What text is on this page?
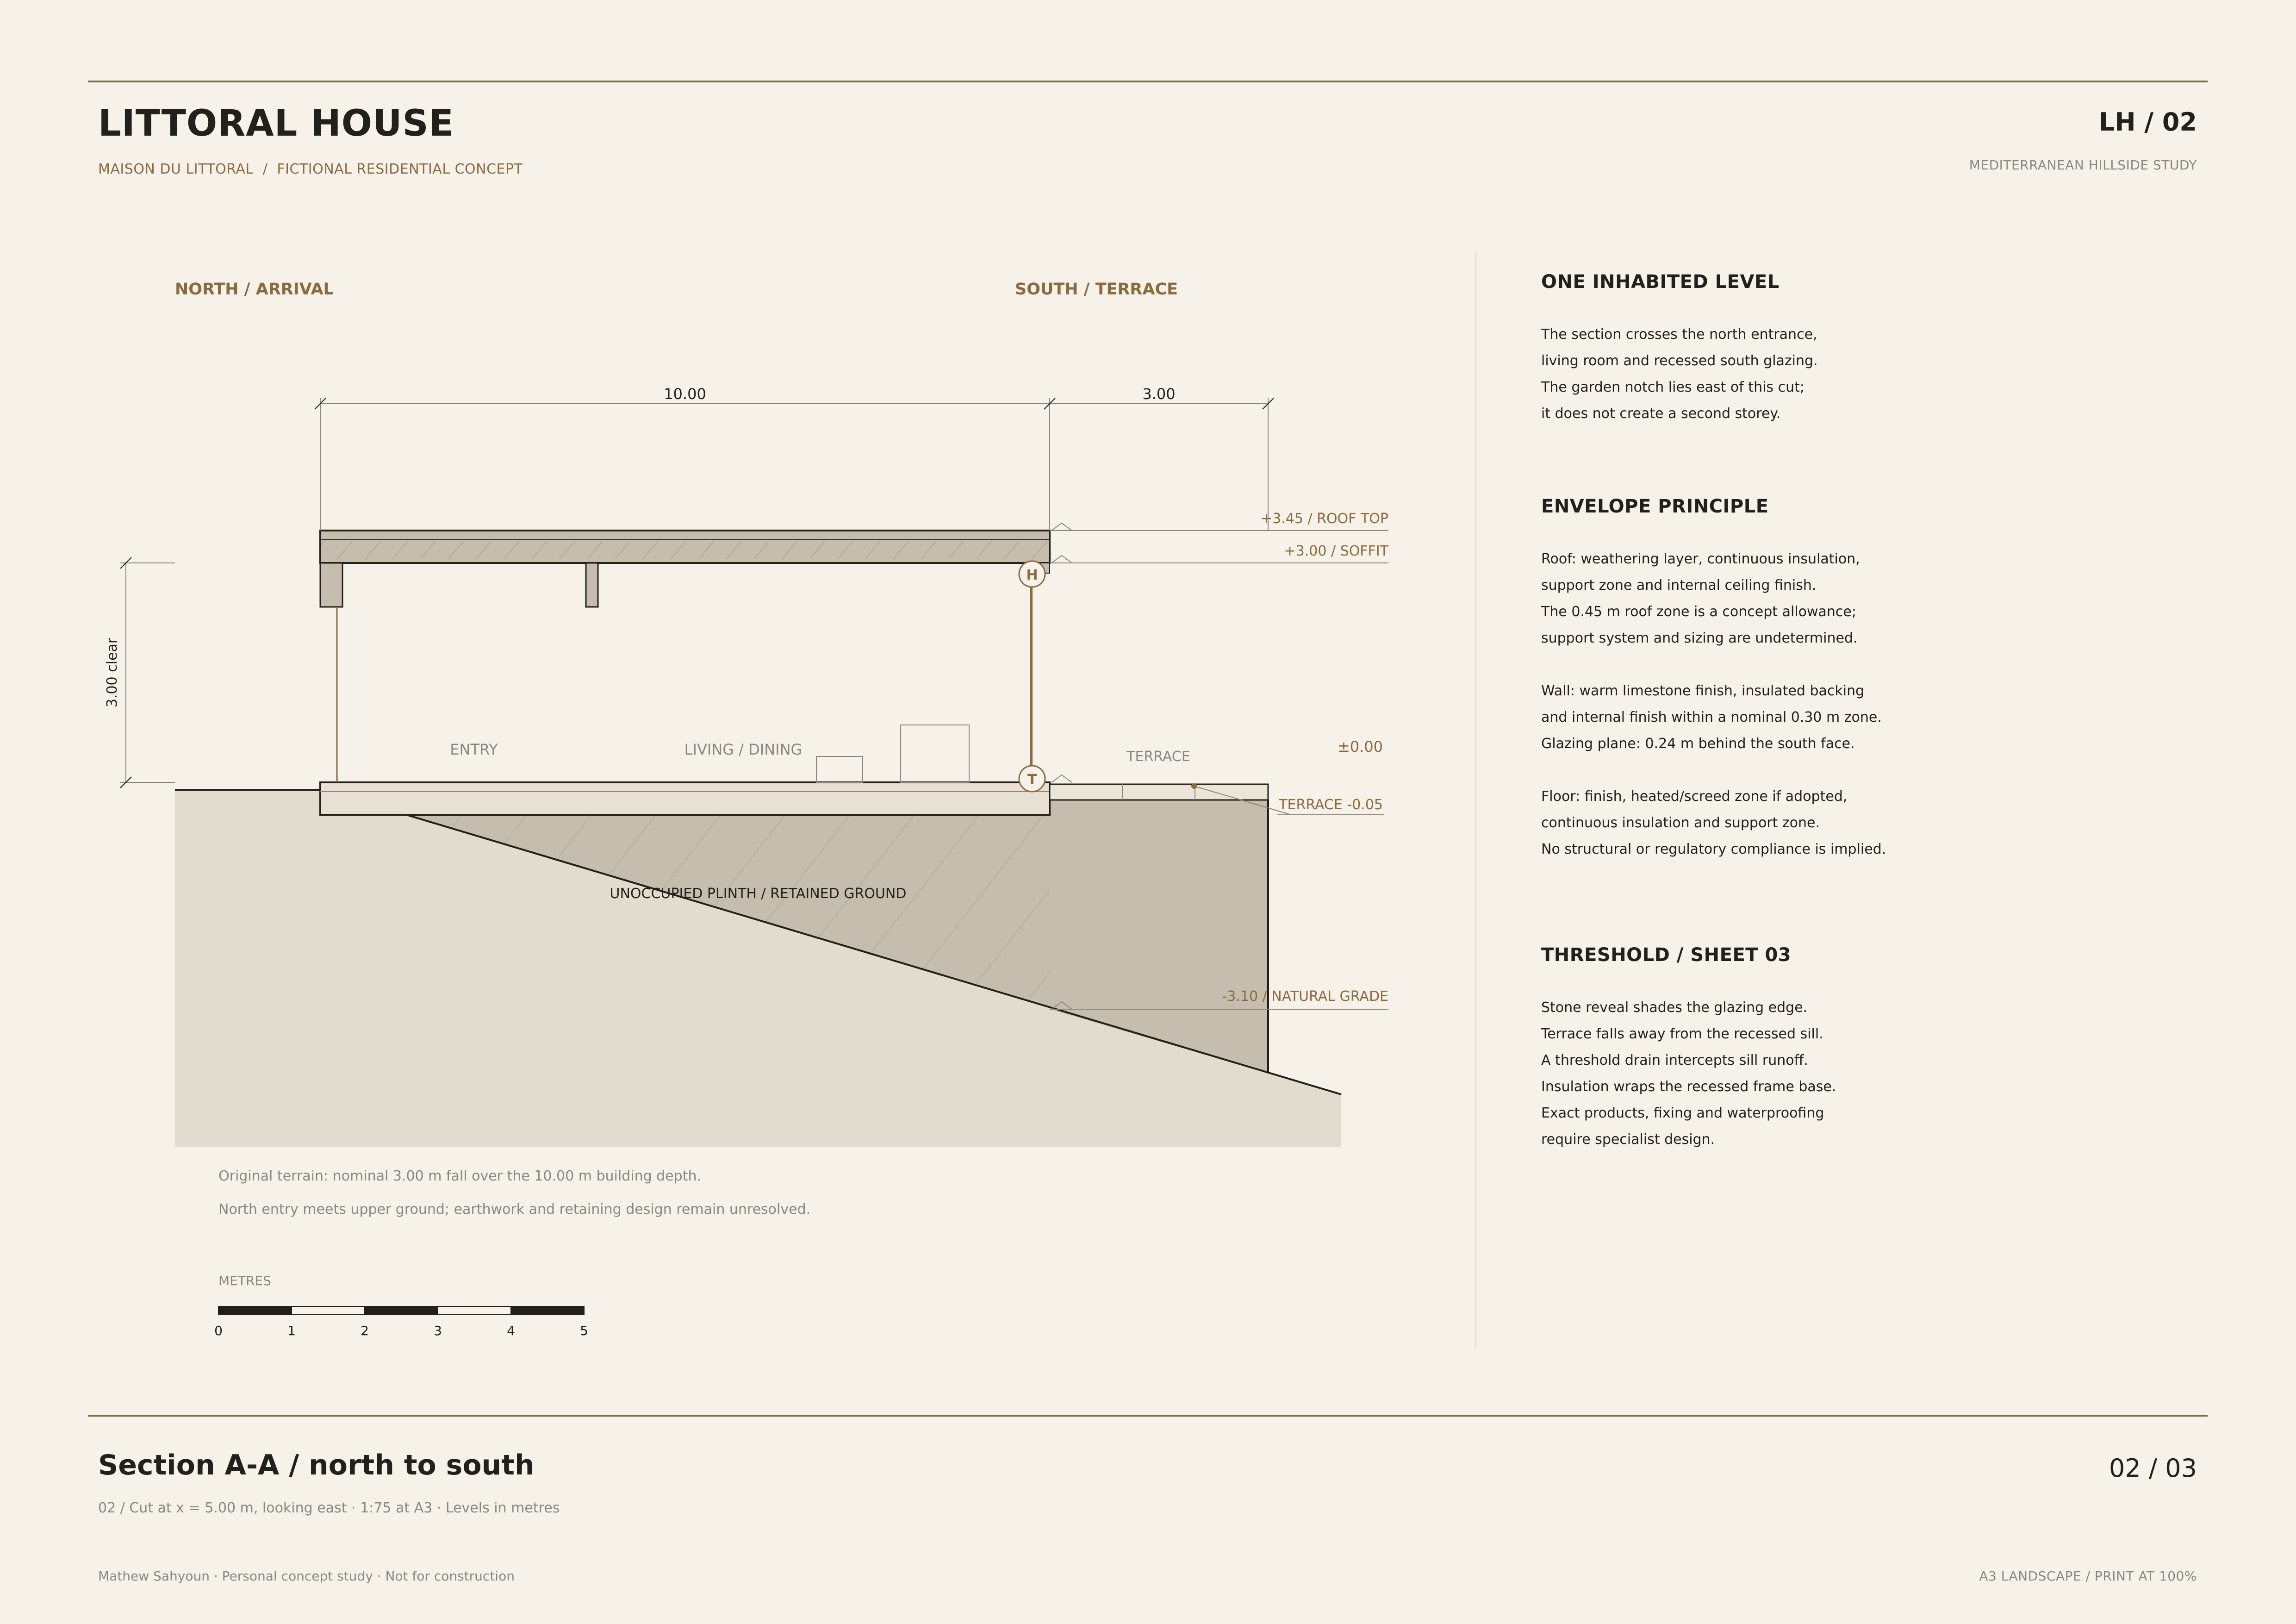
LITTORAL HOUSE
MAISON DU LITTORAL  /  FICTIONAL RESIDENTIAL CONCEPT
LH / 02
MEDITERRANEAN HILLSIDE STUDY
NORTH / ARRIVAL	SOUTH / TERRACE
ENTRY	LIVING / DINING	TERRACE
UNOCCUPIED PLINTH / RETAINED GROUND
H
T
10.00	3.00
3.00 clear
+3.45 / ROOF TOP
+3.00 / SOFFIT
±0.00
TERRACE -0.05
-3.10 / NATURAL GRADE
Original terrain: nominal 3.00 m fall over the 10.00 m building depth.
North entry meets upper ground; earthwork and retaining design remain unresolved.
METRES
0	1	2	3	4	5
ONE INHABITED LEVEL
The section crosses the north entrance,
living room and recessed south glazing.
The garden notch lies east of this cut;
it does not create a second storey.
ENVELOPE PRINCIPLE
Roof: weathering layer, continuous insulation,
support zone and internal ceiling finish.
The 0.45 m roof zone is a concept allowance;
support system and sizing are undetermined.
Wall: warm limestone finish, insulated backing
and internal finish within a nominal 0.30 m zone.
Glazing plane: 0.24 m behind the south face.
Floor: finish, heated/screed zone if adopted,
continuous insulation and support zone.
No structural or regulatory compliance is implied.
THRESHOLD / SHEET 03
Stone reveal shades the glazing edge.
Terrace falls away from the recessed sill.
A threshold drain intercepts sill runoff.
Insulation wraps the recessed frame base.
Exact products, fixing and waterproofing
require specialist design.
Section A-A / north to south
02 / Cut at x = 5.00 m, looking east · 1:75 at A3 · Levels in metres
02 / 03
Mathew Sahyoun · Personal concept study · Not for construction	A3 LANDSCAPE / PRINT AT 100%
